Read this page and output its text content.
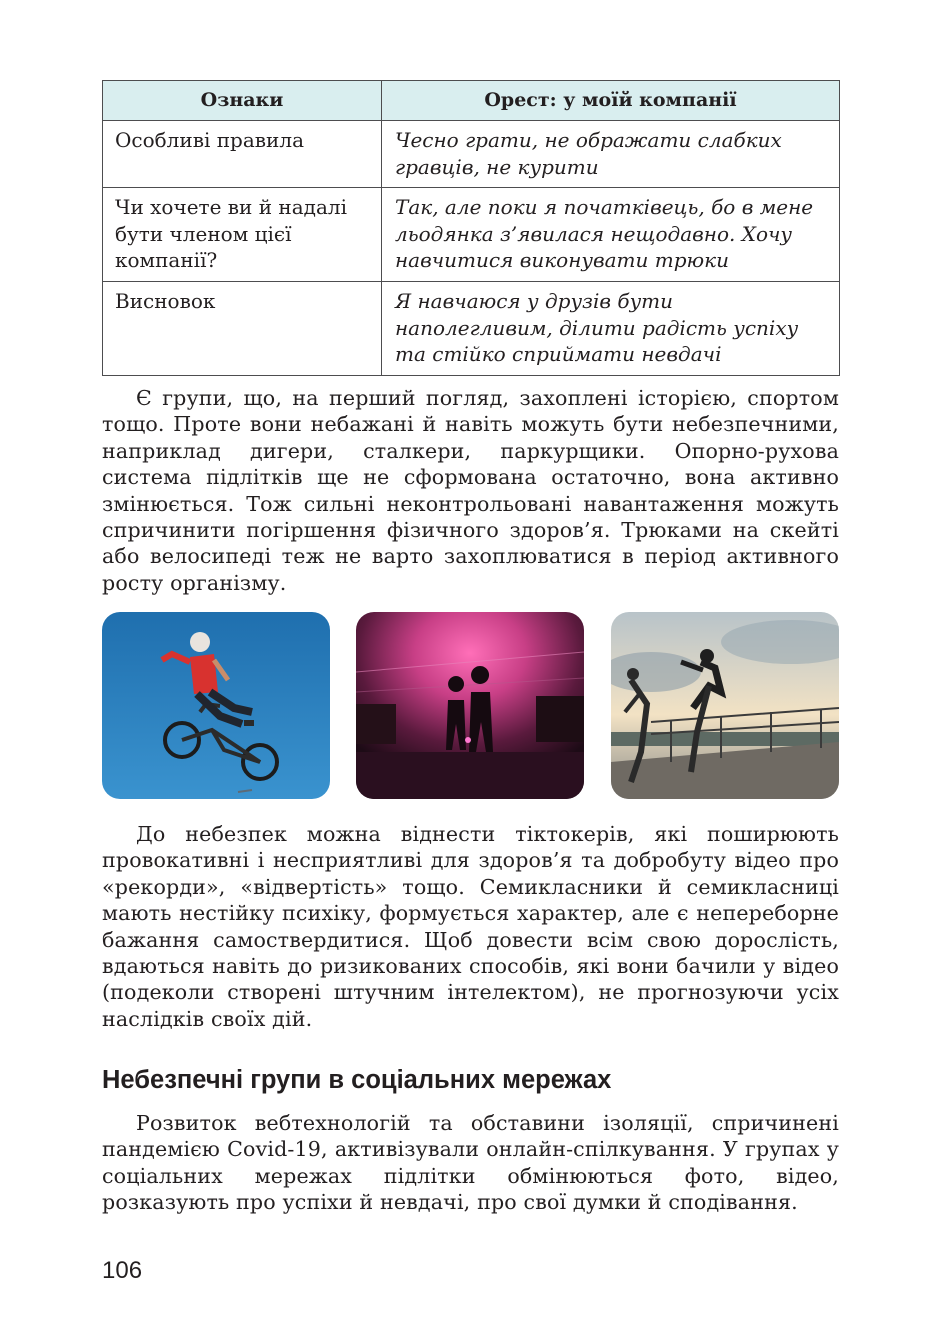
Ознаки	Орест: у моїй компанії
Особливі правила	Чесно грати, не ображати слабких гравців, не курити
Чи хочете ви й надалі бути членом цієї компанії?	Так, але поки я початківець, бо в мене льодянка з’явилася нещодавно. Хочу навчитися виконувати трюки
Висновок	Я навчаюся у друзів бути наполегливим, ділити радість успіху та стійко сприймати невдачі

Є групи, що, на перший погляд, захоплені історією, спортом тощо. Проте вони небажані й навіть можуть бути небезпечними, наприклад дигери, сталкери, паркурщики. Опорно-рухова система підлітків ще не сформована остаточно, вона активно змінюється. Тож сильні неконтрольовані навантаження можуть спричинити погіршення фізичного здоров’я. Трюками на скейті або велосипеді теж не варто захоплюватися в період активного росту організму.

До небезпек можна віднести тіктокерів, які поширюють провокативні і несприятливі для здоров’я та добробуту відео про «рекорди», «відвертість» тощо. Семикласники й семикласниці мають нестійку психіку, формується характер, але є непереборне бажання самоствердитися. Щоб довести всім свою дорослість, вдаються навіть до ризикованих способів, які вони бачили у відео (подеколи створені штучним інтелектом), не прогнозуючи усіх наслідків своїх дій.

Небезпечні групи в соціальних мережах

Розвиток вебтехнологій та обставини ізоляції, спричинені пандемією Covid-19, активізували онлайн-спілкування. У групах у соціальних мережах підлітки обмінюються фото, відео, розказують про успіхи й невдачі, про свої думки й сподівання.

106
